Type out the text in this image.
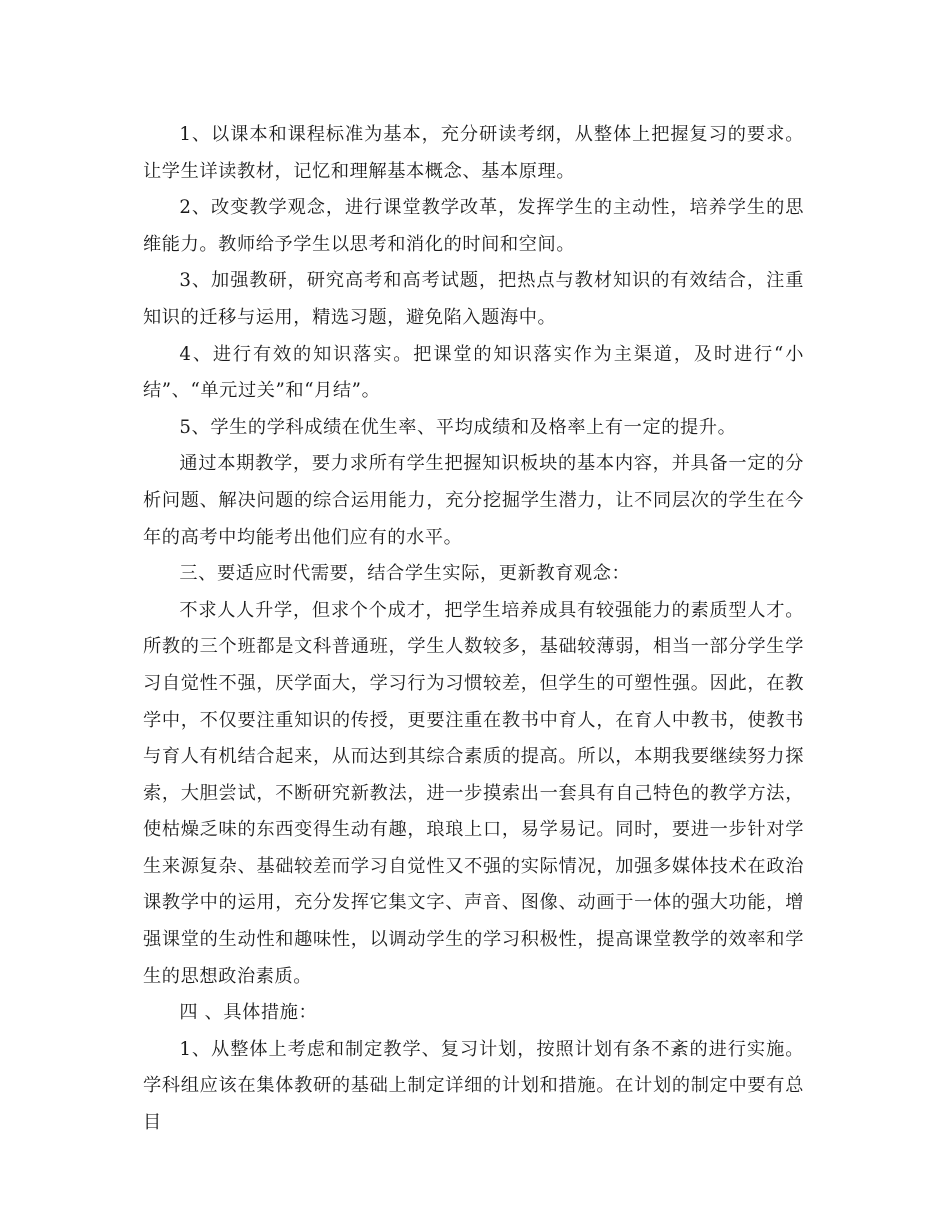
1、以课本和课程标准为基本，充分研读考纲，从整体上把握复习的要求。让学生详读教材，记忆和理解基本概念、基本原理。

2、改变教学观念，进行课堂教学改革，发挥学生的主动性，培养学生的思维能力。教师给予学生以思考和消化的时间和空间。

3、加强教研，研究高考和高考试题，把热点与教材知识的有效结合，注重知识的迁移与运用，精选习题，避免陷入题海中。

4、进行有效的知识落实。把课堂的知识落实作为主渠道，及时进行“小结”、“单元过关”和“月结”。

5、学生的学科成绩在优生率、平均成绩和及格率上有一定的提升。

通过本期教学，要力求所有学生把握知识板块的基本内容，并具备一定的分析问题、解决问题的综合运用能力，充分挖掘学生潜力，让不同层次的学生在今年的高考中均能考出他们应有的水平。

三、要适应时代需要，结合学生实际，更新教育观念：

不求人人升学，但求个个成才，把学生培养成具有较强能力的素质型人才。所教的三个班都是文科普通班，学生人数较多，基础较薄弱，相当一部分学生学习自觉性不强，厌学面大，学习行为习惯较差，但学生的可塑性强。因此，在教学中，不仅要注重知识的传授，更要注重在教书中育人，在育人中教书，使教书与育人有机结合起来，从而达到其综合素质的提高。所以，本期我要继续努力探索，大胆尝试，不断研究新教法，进一步摸索出一套具有自己特色的教学方法，使枯燥乏味的东西变得生动有趣，琅琅上口，易学易记。同时，要进一步针对学生来源复杂、基础较差而学习自觉性又不强的实际情况，加强多媒体技术在政治课教学中的运用，充分发挥它集文字、声音、图像、动画于一体的强大功能，增强课堂的生动性和趣味性，以调动学生的学习积极性，提高课堂教学的效率和学生的思想政治素质。

四 、具体措施：

1、从整体上考虑和制定教学、复习计划，按照计划有条不紊的进行实施。学科组应该在集体教研的基础上制定详细的计划和措施。在计划的制定中要有总目
